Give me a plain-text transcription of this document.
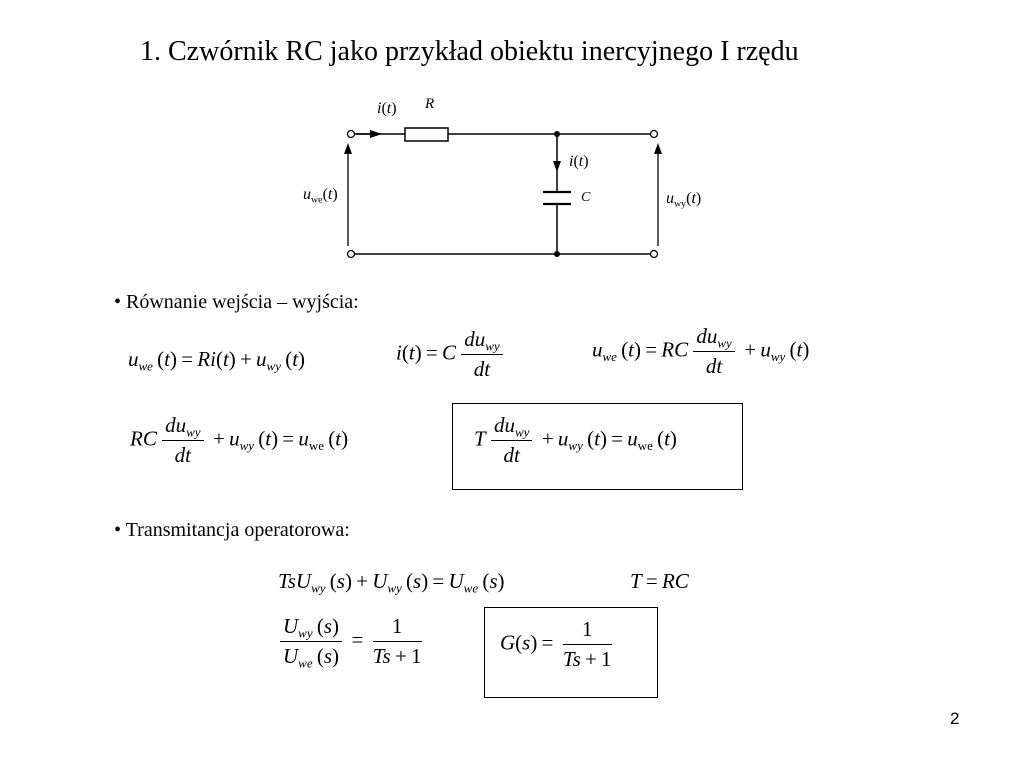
1. Czwórnik RC jako przykład obiektu inercyjnego I rzędu
i(t) R
i(t)
C
$u_{we}(t)$	$u_{wy}(t)$
• Równanie wejścia – wyjścia:
$u_{we}$ $(t) = Ri(t) + u_{wy}$ (t)	i(t) = C $\frac{du_{wy}}{dt}$	$u_{we}$ (t) = RC $\frac{du_{wy}}{dt} + u_{wy}$ (t)
RC $\frac{du_{wy}}{dt} + u_{wy}$ $(t) = u_{we}$ (t)	T $\frac{du_{wy}}{dt} + u_{wy}$ $(t) = u_{we}$ (t)
• Transmitancja operatorowa:
TsU$_{wy}$ $(s) + U_{wy}$ $(s) = U_{we}$ (s)	T = RC
$\frac{U_{wy} (s)}{U_{we} (s)}$  =    $\frac{1}{Ts + 1}$	G(s) =    $\frac{1}{Ts + 1}$
2
